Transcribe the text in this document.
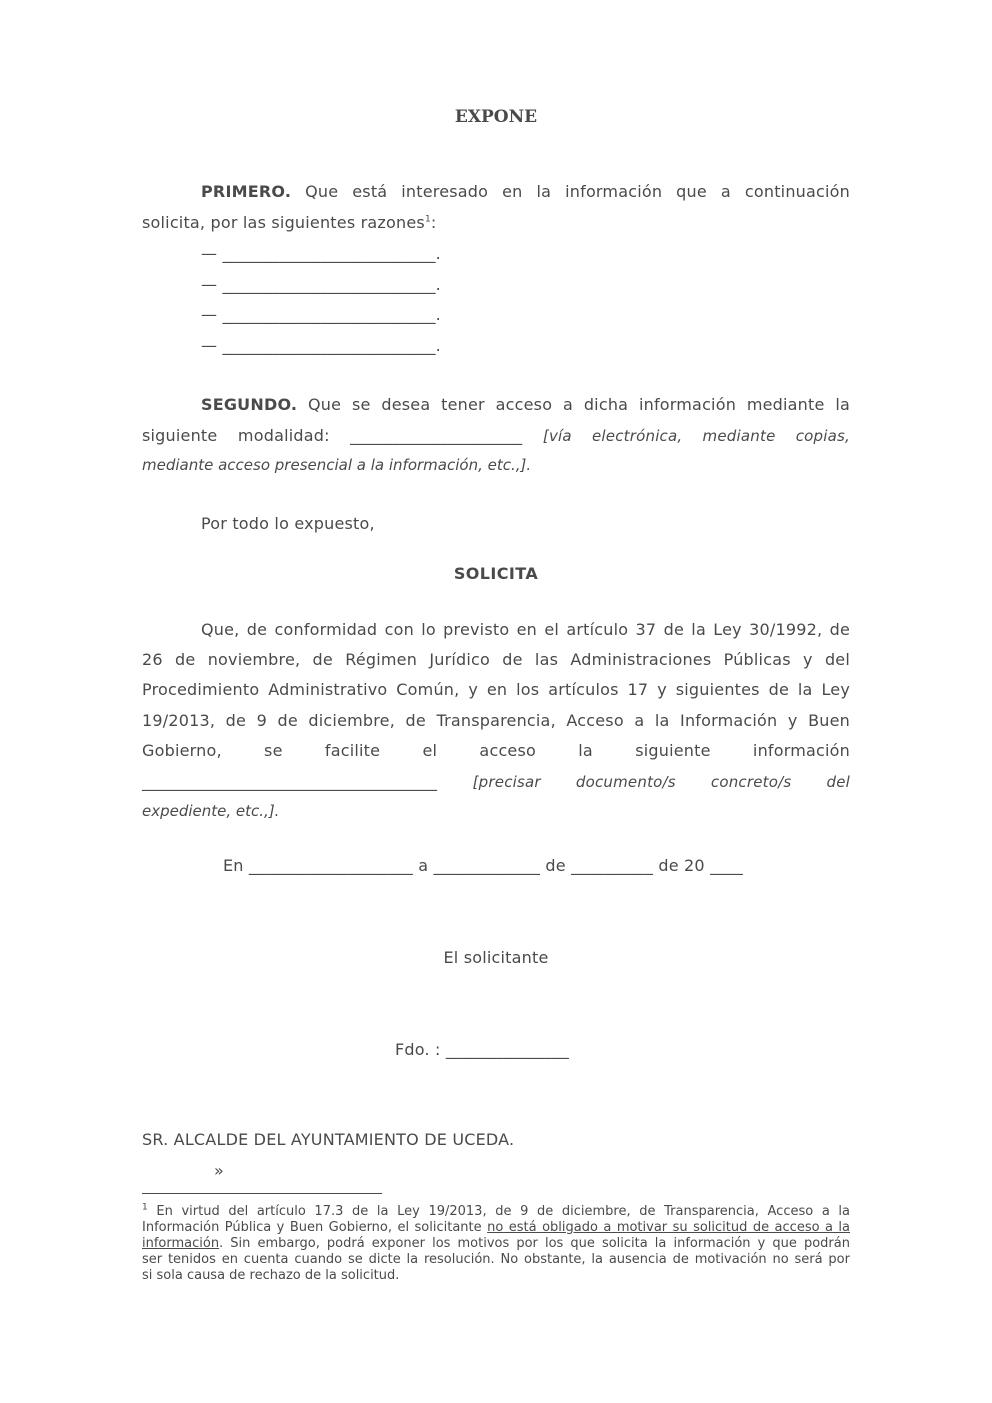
EXPONE
PRIMERO. Que está interesado en la información que a continuación
solicita, por las siguientes razones$^1$:
— __________________________.
— __________________________.
— __________________________.
— __________________________.
SEGUNDO. Que se desea tener acceso a dicha información mediante la
siguiente modalidad: _____________________ [vía electrónica, mediante copias,
mediante acceso presencial a la información, etc.,].
Por todo lo expuesto,
SOLICITA
Que, de conformidad con lo previsto en el artículo 37 de la Ley 30/1992, de
26 de noviembre, de Régimen Jurídico de las Administraciones Públicas y del
Procedimiento Administrativo Común, y en los artículos 17 y siguientes de la Ley
19/2013, de 9 de diciembre, de Transparencia, Acceso a la Información y Buen
Gobierno, se facilite el acceso la siguiente información
____________________________________ [precisar documento/s concreto/s del
expediente, etc.,].
En ____________________ a _____________ de __________ de 20 ____
El solicitante
Fdo. : _______________
SR. ALCALDE DEL AYUNTAMIENTO DE UCEDA.
»
$^1$ En virtud del artículo 17.3 de la Ley 19/2013, de 9 de diciembre, de Transparencia, Acceso a la
Información Pública y Buen Gobierno, el solicitante no está obligado a motivar su solicitud de acceso a la
información. Sin embargo, podrá exponer los motivos por los que solicita la información y que podrán
ser tenidos en cuenta cuando se dicte la resolución. No obstante, la ausencia de motivación no será por
si sola causa de rechazo de la solicitud.
